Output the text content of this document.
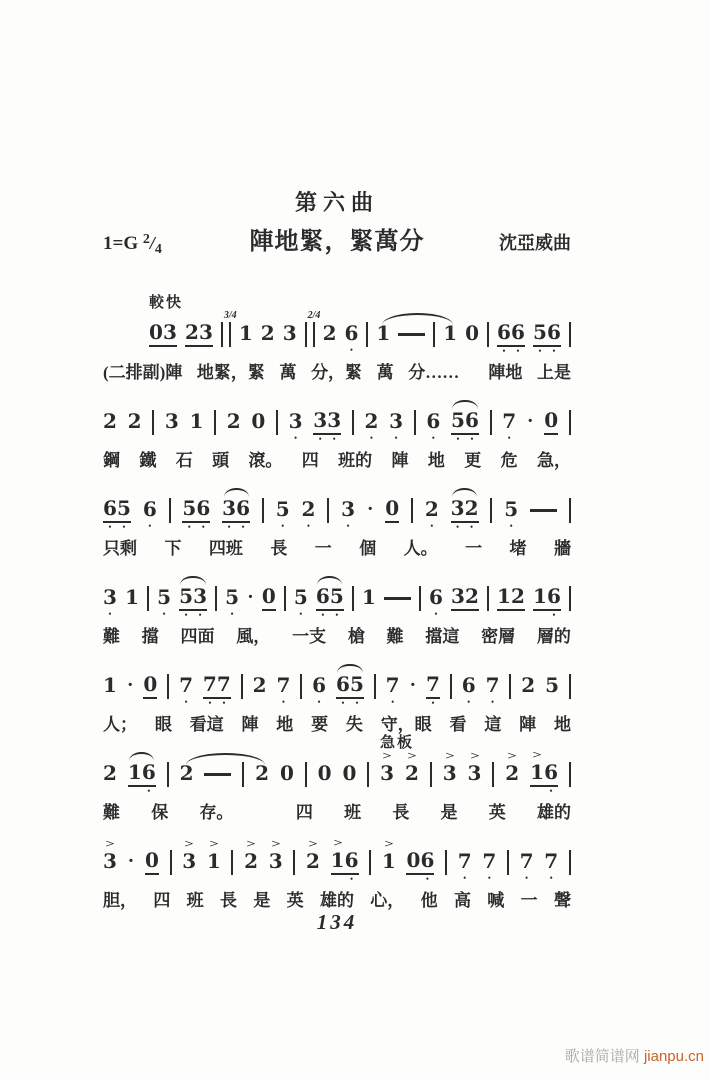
第六曲
1=G $^2/_4$	陣地緊，緊萬分	沈亞威曲
0 3 2 3
3/4
1 2 3
2/4
2 6
•
1	1 0 6 6
•	•
5 6
•	•
較快
(二排副)陣 地緊，緊 萬 分，緊 萬 分…… 陣地 上是
2 2 3 1 2 0 3
•
3 3
•	•
2
•
3
•
6
•
5 6
•	•
7
•
· 0
鋼 鐵 石 頭 滾。 四 班的 陣 地 更 危 急，
6 5
•	•
6
•
5 6
•	•
3 6
•	•
5
•
2
•
3
•
· 0 2
•
3 2
•	•
5
•
只剩 下 四班 長 一 個 人。 一 堵 牆
3
•
1 5
•
5 3
•	•
5
•
· 0 5
•
6 5
•	•
1	6
•
3 2 1 2 1 6
•
難 擋 四面 風， 一支 槍 難 擋這 密層 層的
1 · 0 7
•
7 7
•	•
2 7
•
6
•
6 5
•	•
7
•
· 7
•
6
•
7
•
2 5
人； 眼 看這 陣 地 要 失 守，眼 看 這 陣 地
2 1 6
•
2	2 0 0 0
>
3
>
2
>
3
>
3
>
2
>
1 6
•
急板
難 保 存。	四 班 長 是 英 雄的
>
3 · 0
>
3
>
1
>
2
>
3
>
2
>
1 6
•
>
1 0 6
•
7
•
7
•
7
•
7
•
胆， 四 班 長 是 英 雄的 心， 他 高 喊 一 聲
134
歌谱简谱网 jianpu.cn
